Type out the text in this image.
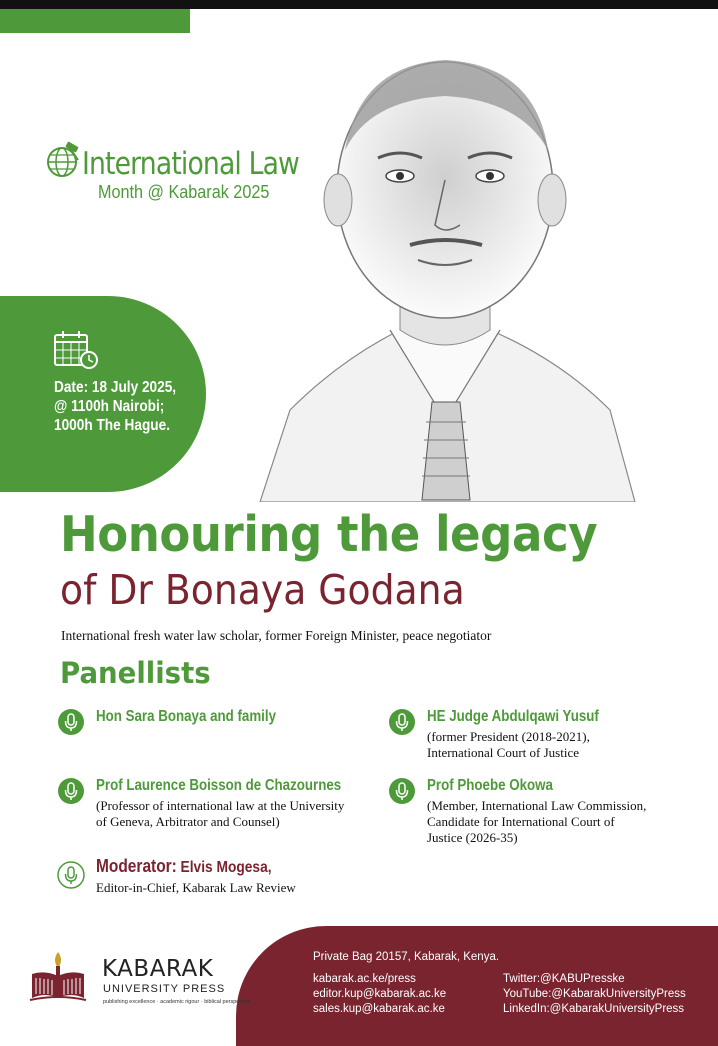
International Law
Month @ Kabarak 2025
Date: 18 July 2025,
@ 1100h Nairobi;
1000h The Hague.
Honouring the legacy
of Dr Bonaya Godana
International fresh water law scholar, former Foreign Minister, peace negotiator
Panellists
Hon Sara Bonaya and family	HE Judge Abdulqawi Yusuf
(former President (2018-2021),
International Court of Justice
Prof Laurence Boisson de Chazournes
(Professor of international law at the University
of Geneva, Arbitrator and Counsel)
Prof Phoebe Okowa
(Member, International Law Commission,
Candidate for International Court of
Justice (2026-35)
Moderator: Elvis Mogesa,
Editor-in-Chief, Kabarak Law Review
Private Bag 20157, Kabarak, Kenya.
kabarak.ac.ke/press
editor.kup@kabarak.ac.ke
sales.kup@kabarak.ac.ke
Twitter:@KABUPresske
YouTube:@KabarakUniversityPress
LinkedIn:@KabarakUniversityPress
KABARAK
UNIVERSITY PRESS
publishing excellence · academic rigour · biblical perspective
